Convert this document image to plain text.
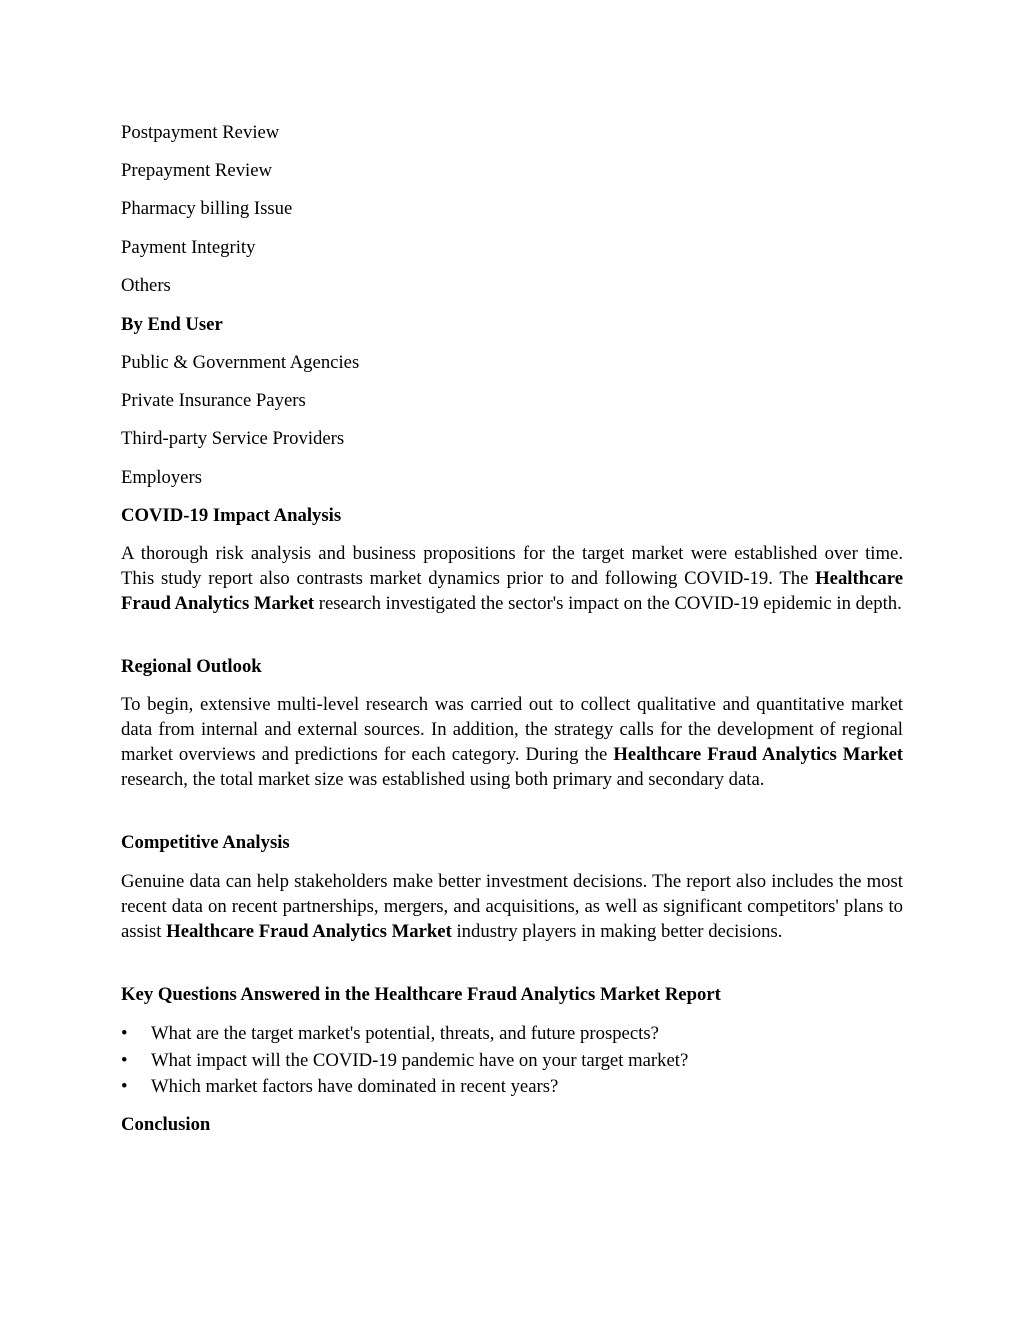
Postpayment Review
Prepayment Review
Pharmacy billing Issue
Payment Integrity
Others
By End User
Public & Government Agencies
Private Insurance Payers
Third-party Service Providers
Employers
COVID-19 Impact Analysis
A thorough risk analysis and business propositions for the target market were established over time. This study report also contrasts market dynamics prior to and following COVID-19. The Healthcare Fraud Analytics Market research investigated the sector's impact on the COVID-19 epidemic in depth.
Regional Outlook
To begin, extensive multi-level research was carried out to collect qualitative and quantitative market data from internal and external sources. In addition, the strategy calls for the development of regional market overviews and predictions for each category. During the Healthcare Fraud Analytics Market research, the total market size was established using both primary and secondary data.
Competitive Analysis
Genuine data can help stakeholders make better investment decisions. The report also includes the most recent data on recent partnerships, mergers, and acquisitions, as well as significant competitors' plans to assist Healthcare Fraud Analytics Market industry players in making better decisions.
Key Questions Answered in the Healthcare Fraud Analytics Market Report
• What are the target market's potential, threats, and future prospects?
• What impact will the COVID-19 pandemic have on your target market?
• Which market factors have dominated in recent years?
Conclusion
